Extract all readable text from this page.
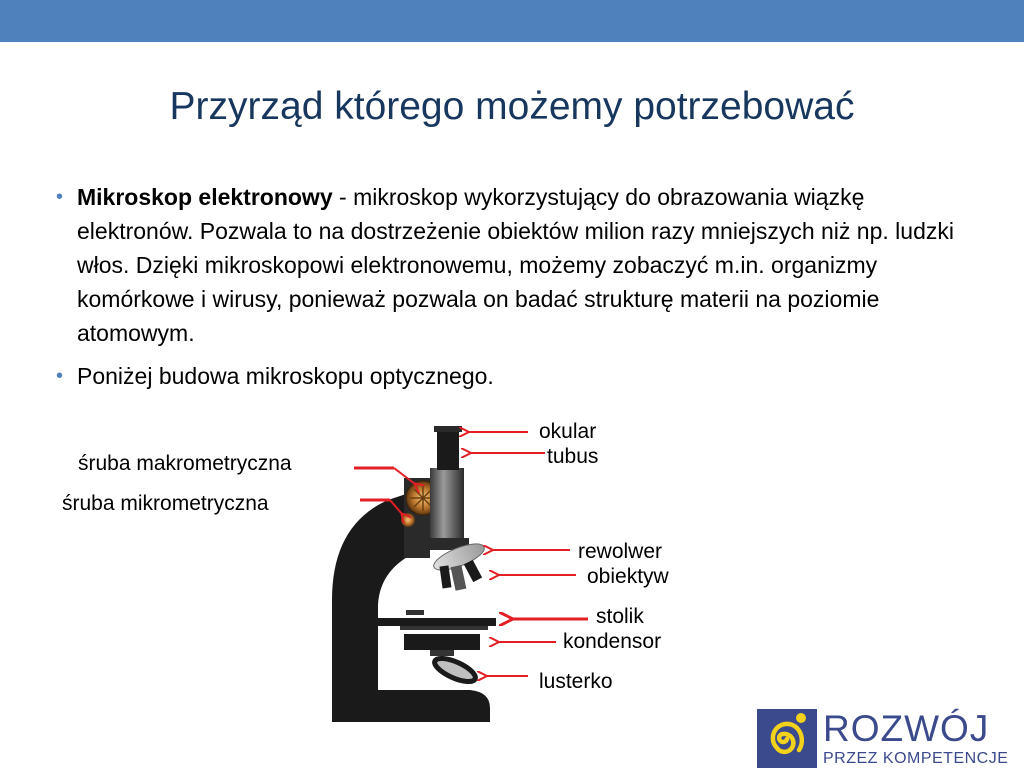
Przyrząd którego możemy potrzebować
• Mikroskop elektronowy - mikroskop wykorzystujący do obrazowania wiązkę elektronów. Pozwala to na dostrzeżenie obiektów milion razy mniejszych niż np. ludzki włos. Dzięki mikroskopowi elektronowemu, możemy zobaczyć m.in. organizmy komórkowe i wirusy, ponieważ pozwala on badać strukturę materii na poziomie atomowym.
• Poniżej budowa mikroskopu optycznego.
śruba makrometryczna
śruba mikrometryczna
okular
tubus
rewolwer
obiektyw
stolik
kondensor
lusterko
ROZWÓJ
PRZEZ KOMPETENCJE
